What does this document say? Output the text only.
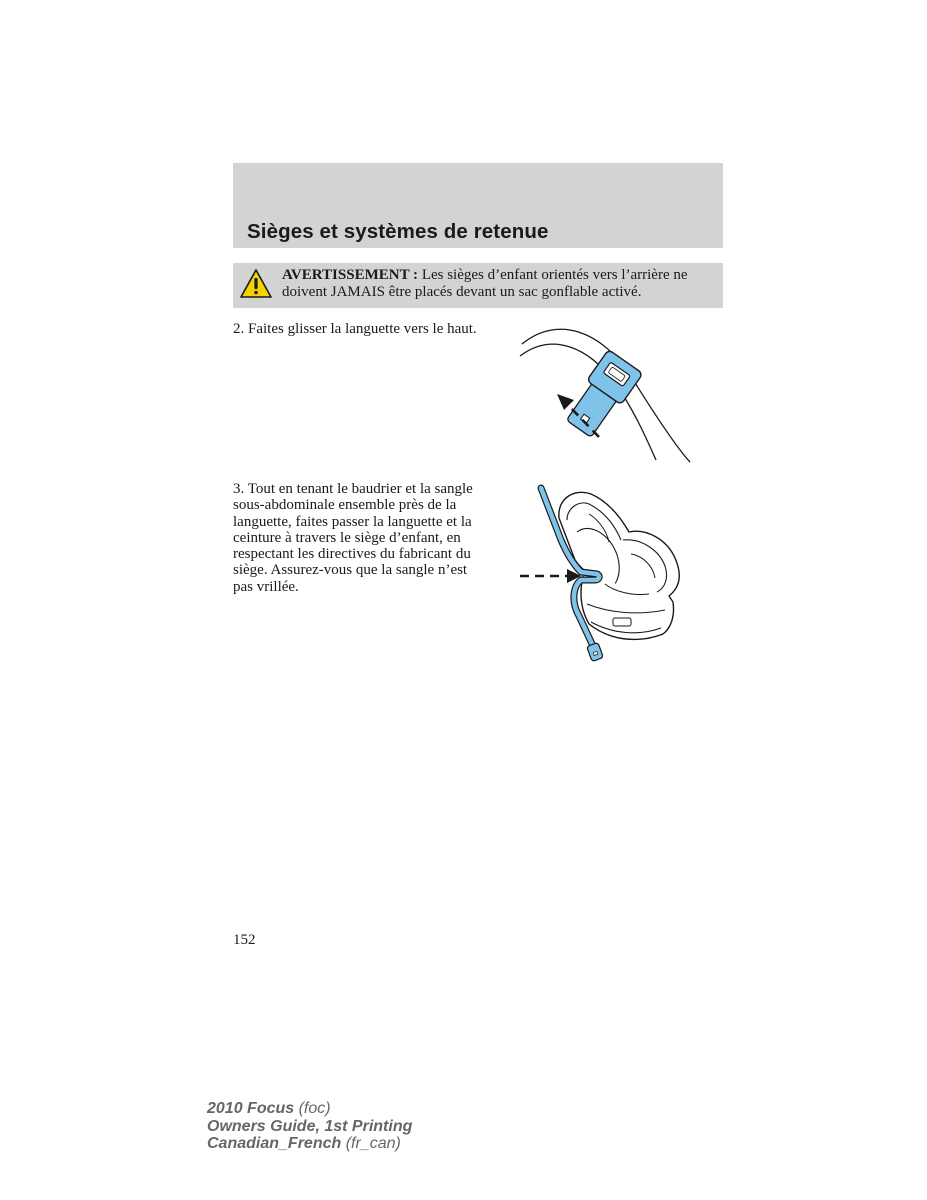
Sièges et systèmes de retenue
AVERTISSEMENT : Les sièges d’enfant orientés vers l’arrière ne doivent JAMAIS être placés devant un sac gonflable activé.

2. Faites glisser la languette vers le haut.

3. Tout en tenant le baudrier et la sangle sous-abdominale ensemble près de la languette, faites passer la languette et la ceinture à travers le siège d’enfant, en respectant les directives du fabricant du siège. Assurez-vous que la sangle n’est pas vrillée.

152
2010 Focus (foc)
Owners Guide, 1st Printing
Canadian_French (fr_can)
